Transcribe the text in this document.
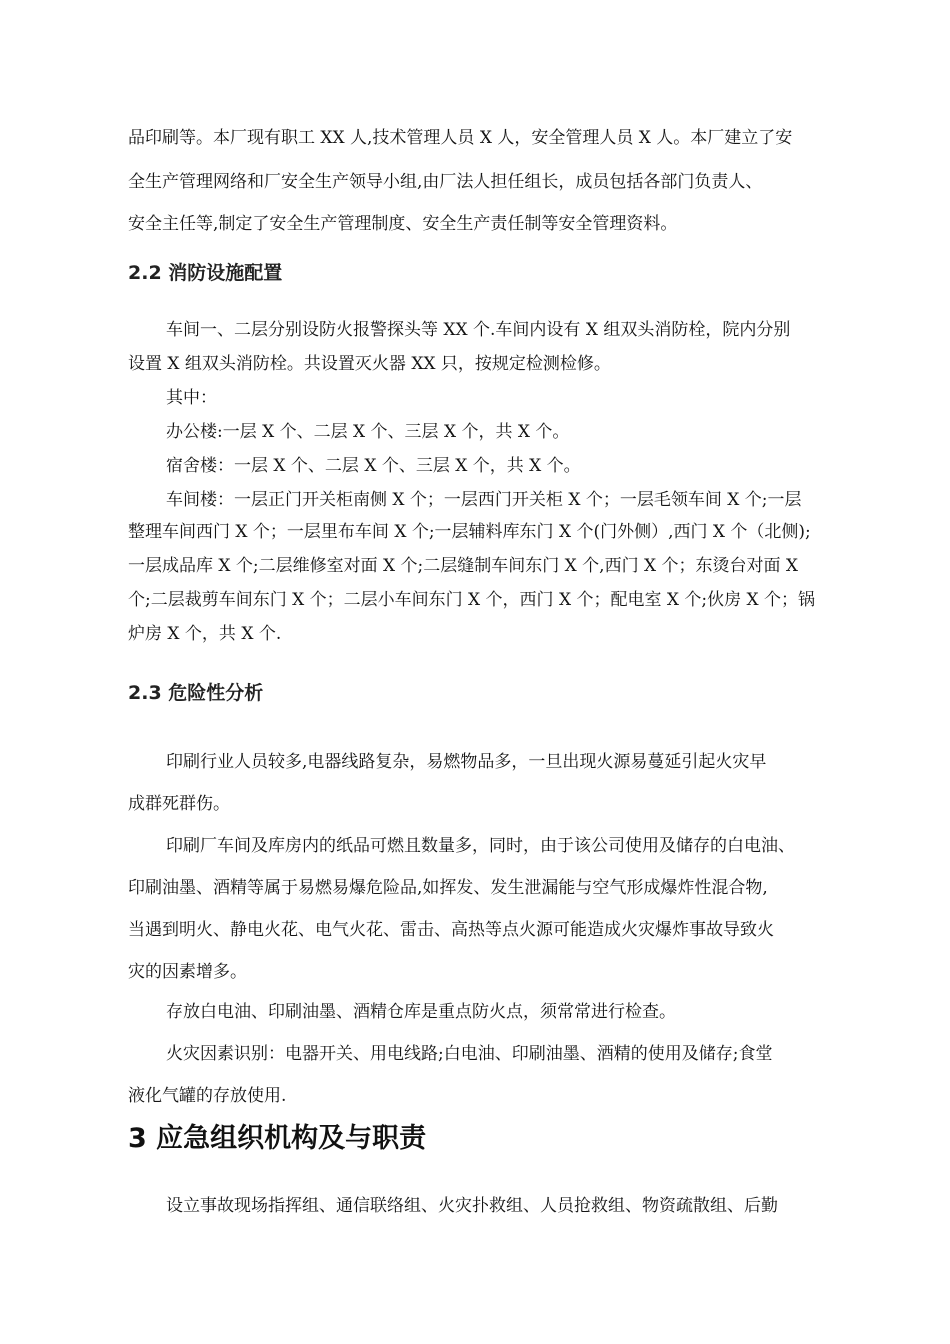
品印刷等。本厂现有职工 XX 人,技术管理人员 X 人，安全管理人员 X 人。本厂建立了安
全生产管理网络和厂安全生产领导小组,由厂法人担任组长，成员包括各部门负责人、
安全主任等,制定了安全生产管理制度、安全生产责任制等安全管理资料。
2.2 消防设施配置
车间一、二层分别设防火报警探头等 XX 个.车间内设有 X 组双头消防栓，院内分别
设置 X 组双头消防栓。共设置灭火器 XX 只，按规定检测检修。
其中：
办公楼:一层 X 个、二层 X 个、三层 X 个，共 X 个。
宿舍楼：一层 X 个、二层 X 个、三层 X 个，共 X 个。
车间楼：一层正门开关柜南侧 X 个；一层西门开关柜 X 个；一层毛领车间 X 个;一层
整理车间西门 X 个；一层里布车间 X 个;一层辅料库东门 X 个(门外侧）,西门 X 个（北侧);
一层成品库 X 个;二层维修室对面 X 个;二层缝制车间东门 X 个,西门 X 个；东烫台对面 X
个;二层裁剪车间东门 X 个；二层小车间东门 X 个，西门 X 个；配电室 X 个;伙房 X 个；锅
炉房 X 个，共 X 个.
2.3 危险性分析
印刷行业人员较多,电器线路复杂，易燃物品多，一旦出现火源易蔓延引起火灾早
成群死群伤。
印刷厂车间及库房内的纸品可燃且数量多，同时，由于该公司使用及储存的白电油、
印刷油墨、酒精等属于易燃易爆危险品,如挥发、发生泄漏能与空气形成爆炸性混合物,
当遇到明火、静电火花、电气火花、雷击、高热等点火源可能造成火灾爆炸事故导致火
灾的因素增多。
存放白电油、印刷油墨、酒精仓库是重点防火点，须常常进行检查。
火灾因素识别：电器开关、用电线路;白电油、印刷油墨、酒精的使用及储存;食堂
液化气罐的存放使用.
3 应急组织机构及与职责
设立事故现场指挥组、通信联络组、火灾扑救组、人员抢救组、物资疏散组、后勤
